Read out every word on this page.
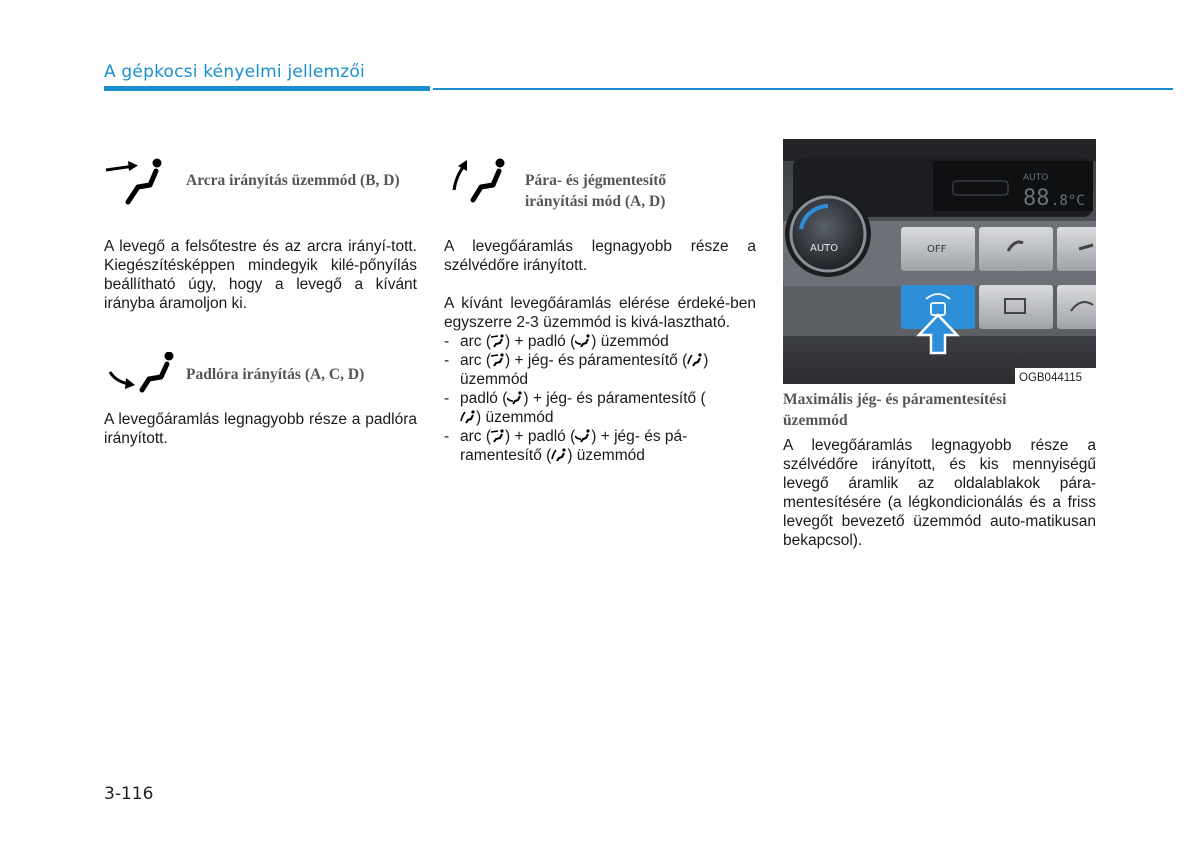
A gépkocsi kényelmi jellemzői
Arcra irányítás üzemmód (B, D)

A levegő a felsőtestre és az arcra irányí-tott. Kiegészítésképpen mindegyik kilé-pőnyílás beállítható úgy, hogy a levegő a kívánt irányba áramoljon ki.

Padlóra irányítás (A, C, D)

A levegőáramlás legnagyobb része a padlóra irányított.

Pára- és jégmentesítő irányítási mód (A, D)

A levegőáramlás legnagyobb része a szélvédőre irányított.

A kívánt levegőáramlás elérése érdeké-ben egyszerre 2-3 üzemmód is kivá-lasztható.

- arc ( ) + padló ( ) üzemmód
- arc ( ) + jég- és páramentesítő ( )
üzemmód
- padló ( ) + jég- és páramentesítő (
) üzemmód
- arc ( ) + padló ( ) + jég- és pá-
ramentesítő ( ) üzemmód
AUTO
88 .8°C
OFF
AUTO
OGB044115
Maximális jég- és páramentesítési üzemmód

A levegőáramlás legnagyobb része a szélvédőre irányított, és kis mennyiségű levegő áramlik az oldalablakok pára-mentesítésére (a légkondicionálás és a friss levegőt bevezető üzemmód auto-matikusan bekapcsol).

3-116
